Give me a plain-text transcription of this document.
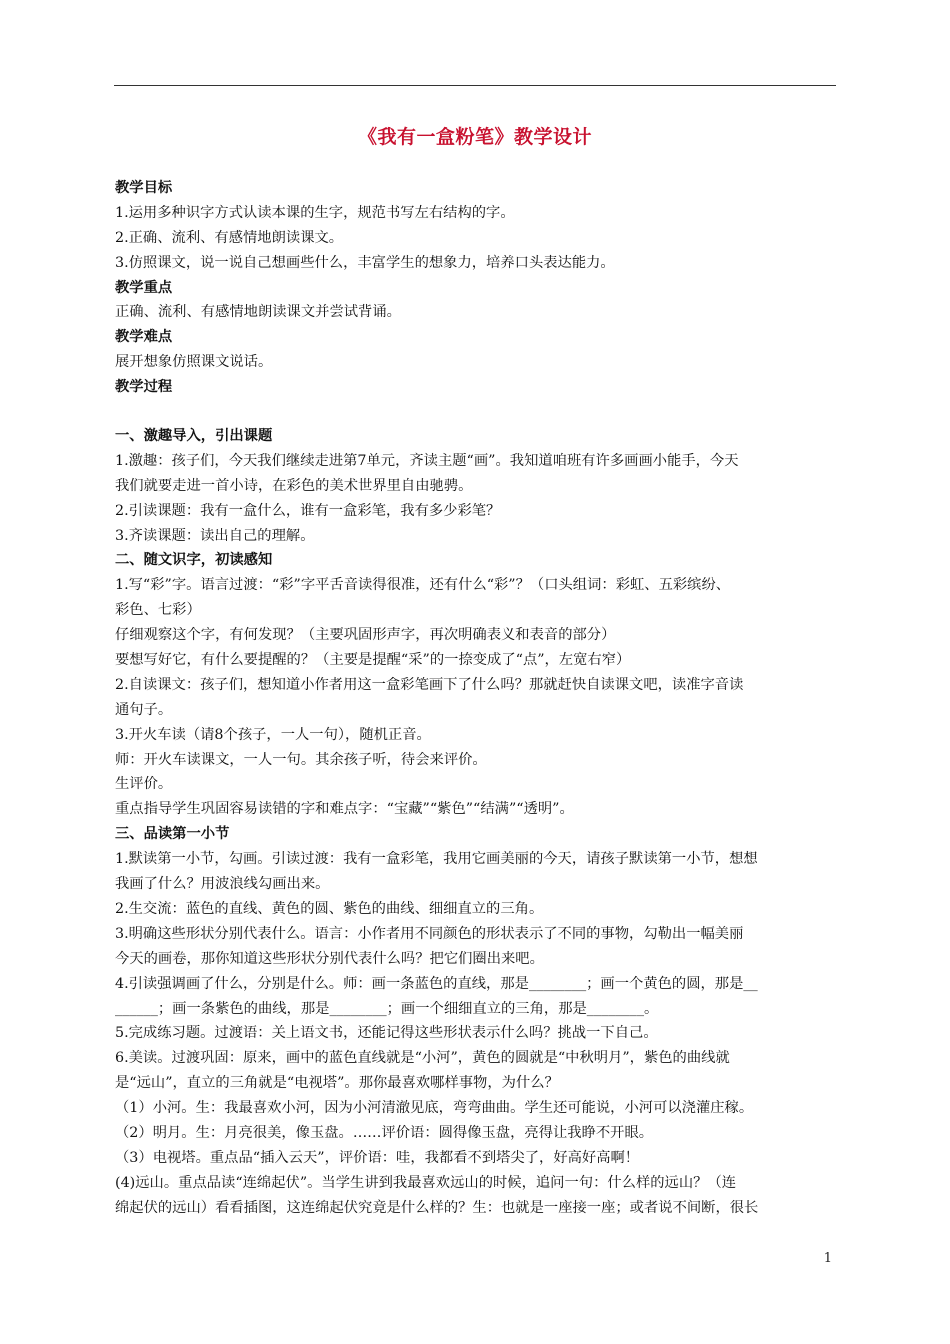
《我有一盒粉笔》教学设计
教学目标
1.运用多种识字方式认读本课的生字，规范书写左右结构的字。
2.正确、流利、有感情地朗读课文。
3.仿照课文，说一说自己想画些什么，丰富学生的想象力，培养口头表达能力。
教学重点
正确、流利、有感情地朗读课文并尝试背诵。
教学难点
展开想象仿照课文说话。
教学过程
一、激趣导入，引出课题
1.激趣：孩子们，今天我们继续走进第7单元，齐读主题“画”。我知道咱班有许多画画小能手，今天
我们就要走进一首小诗，在彩色的美术世界里自由驰骋。
2.引读课题：我有一盒什么，谁有一盒彩笔，我有多少彩笔？
3.齐读课题：读出自己的理解。
二、随文识字，初读感知
1.写“彩”字。语言过渡：“彩”字平舌音读得很准，还有什么“彩”？（口头组词：彩虹、五彩缤纷、
彩色、七彩）
仔细观察这个字，有何发现？（主要巩固形声字，再次明确表义和表音的部分）
要想写好它，有什么要提醒的？（主要是提醒“采”的一捺变成了“点”，左宽右窄）
2.自读课文：孩子们，想知道小作者用这一盒彩笔画下了什么吗？那就赶快自读课文吧，读准字音读
通句子。
3.开火车读（请8个孩子，一人一句），随机正音。
师：开火车读课文，一人一句。其余孩子听，待会来评价。
生评价。
重点指导学生巩固容易读错的字和难点字：“宝藏”“紫色”“结满”“透明”。
三、品读第一小节
1.默读第一小节，勾画。引读过渡：我有一盒彩笔，我用它画美丽的今天，请孩子默读第一小节，想想
我画了什么？用波浪线勾画出来。
2.生交流：蓝色的直线、黄色的圆、紫色的曲线、细细直立的三角。
3.明确这些形状分别代表什么。语言：小作者用不同颜色的形状表示了不同的事物，勾勒出一幅美丽
今天的画卷，那你知道这些形状分别代表什么吗？把它们圈出来吧。
4.引读强调画了什么，分别是什么。师：画一条蓝色的直线，那是________；画一个黄色的圆，那是__
______；画一条紫色的曲线，那是________；画一个细细直立的三角，那是________。
5.完成练习题。过渡语：关上语文书，还能记得这些形状表示什么吗？挑战一下自己。
6.美读。过渡巩固：原来，画中的蓝色直线就是“小河”，黄色的圆就是“中秋明月”，紫色的曲线就
是“远山”，直立的三角就是“电视塔”。那你最喜欢哪样事物，为什么？
（1）小河。生：我最喜欢小河，因为小河清澈见底，弯弯曲曲。学生还可能说，小河可以浇灌庄稼。
（2）明月。生：月亮很美，像玉盘。……评价语：圆得像玉盘，亮得让我睁不开眼。
（3）电视塔。重点品“插入云天”，评价语：哇，我都看不到塔尖了，好高好高啊！
(4)远山。重点品读“连绵起伏”。当学生讲到我最喜欢远山的时候，追问一句：什么样的远山？（连
绵起伏的远山）看看插图，这连绵起伏究竟是什么样的？生：也就是一座接一座；或者说不间断，很长
1
